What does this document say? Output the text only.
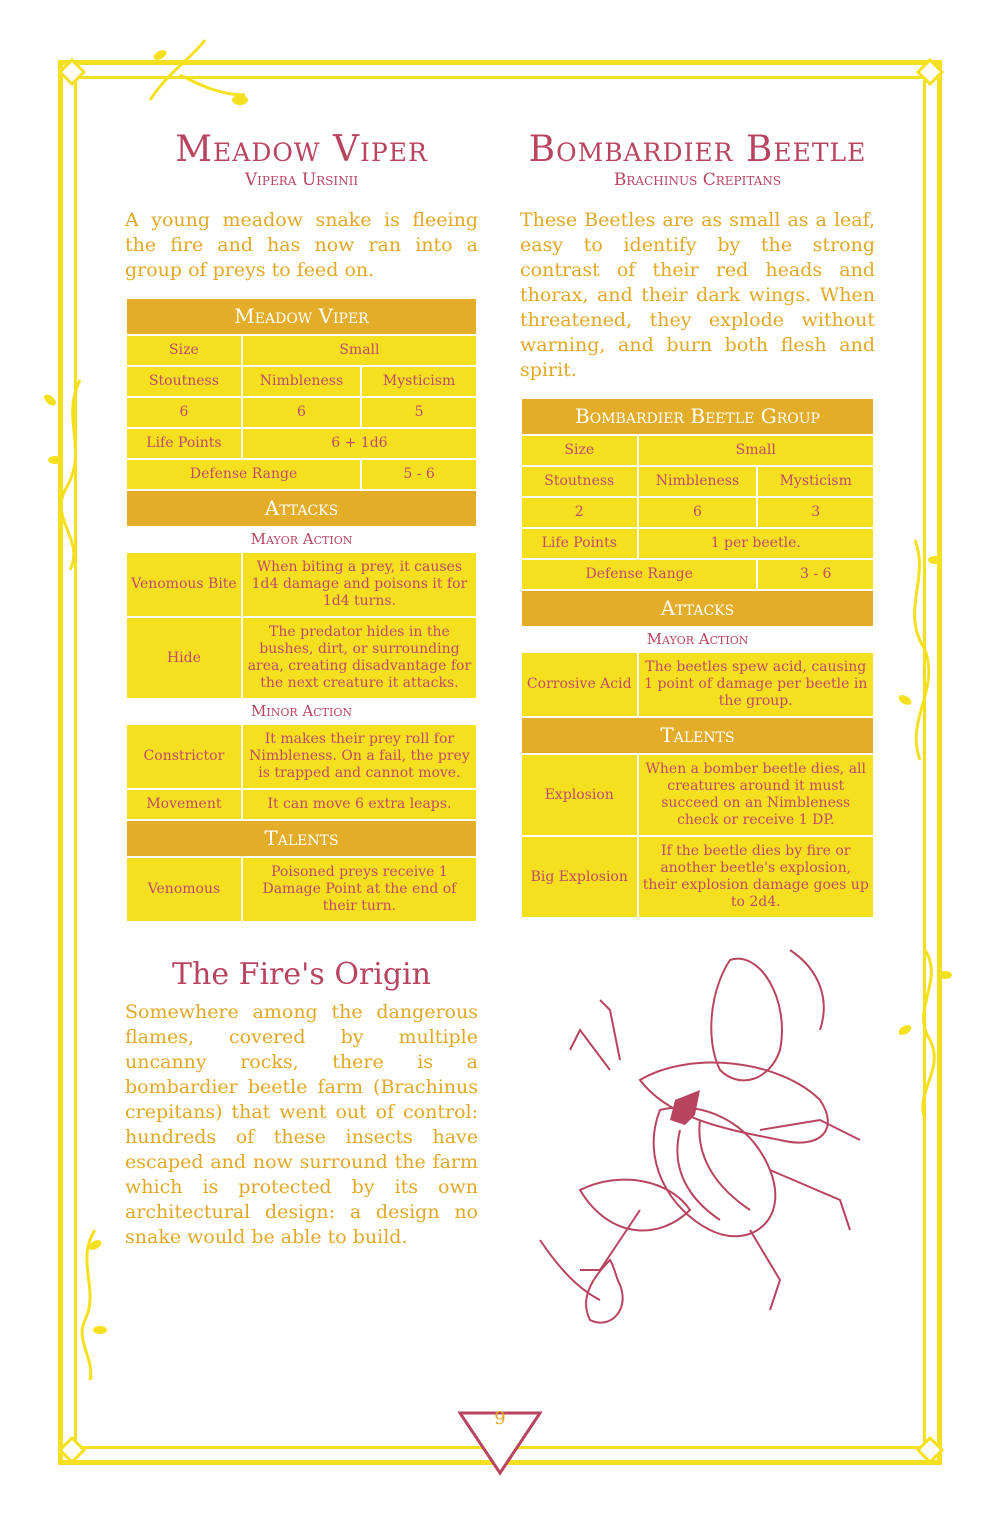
Meadow Viper
Vipera Ursinii

A young meadow snake is fleeing the fire and has now ran into a group of preys to feed on.

Meadow Viper		
Size	Small	
Stoutness	Nimbleness	Mysticism
6	6	5
Life Points	6 + 1d6	
Defense Range		5 - 6
Attacks		
Mayor Action		
Venomous Bite	When biting a prey, it causes 1d4 damage and poisons it for 1d4 turns.	
Hide	The predator hides in the bushes, dirt, or surrounding area, creating disadvantage for the next creature it attacks.	
Minor Action		
Constrictor	It makes their prey roll for Nimbleness. On a fail, the prey is trapped and cannot move.	
Movement	It can move 6 extra leaps.	
Talents		
Venomous	Poisoned preys receive 1 Damage Point at the end of their turn.	
The Fire's Origin

Somewhere among the dangerous flames, covered by multiple uncanny rocks, there is a bombardier beetle farm (Brachinus crepitans) that went out of control: hundreds of these insects have escaped and now surround the farm which is protected by its own architectural design: a design no snake would be able to build.

Bombardier Beetle
Brachinus Crepitans

These Beetles are as small as a leaf, easy to identify by the strong contrast of their red heads and thorax, and their dark wings. When threatened, they explode without warning, and burn both flesh and spirit.

Bombardier Beetle Group		
Size	Small	
Stoutness	Nimbleness	Mysticism
2	6	3
Life Points	1 per beetle.	
Defense Range		3 - 6
Attacks		
Mayor Action		
Corrosive Acid	The beetles spew acid, causing 1 point of damage per beetle in the group.	
Talents		
Explosion	When a bomber beetle dies, all creatures around it must succeed on an Nimbleness check or receive 1 DP.	
Big Explosion	If the beetle dies by fire or another beetle's explosion, their explosion damage goes up to 2d4.	
9
